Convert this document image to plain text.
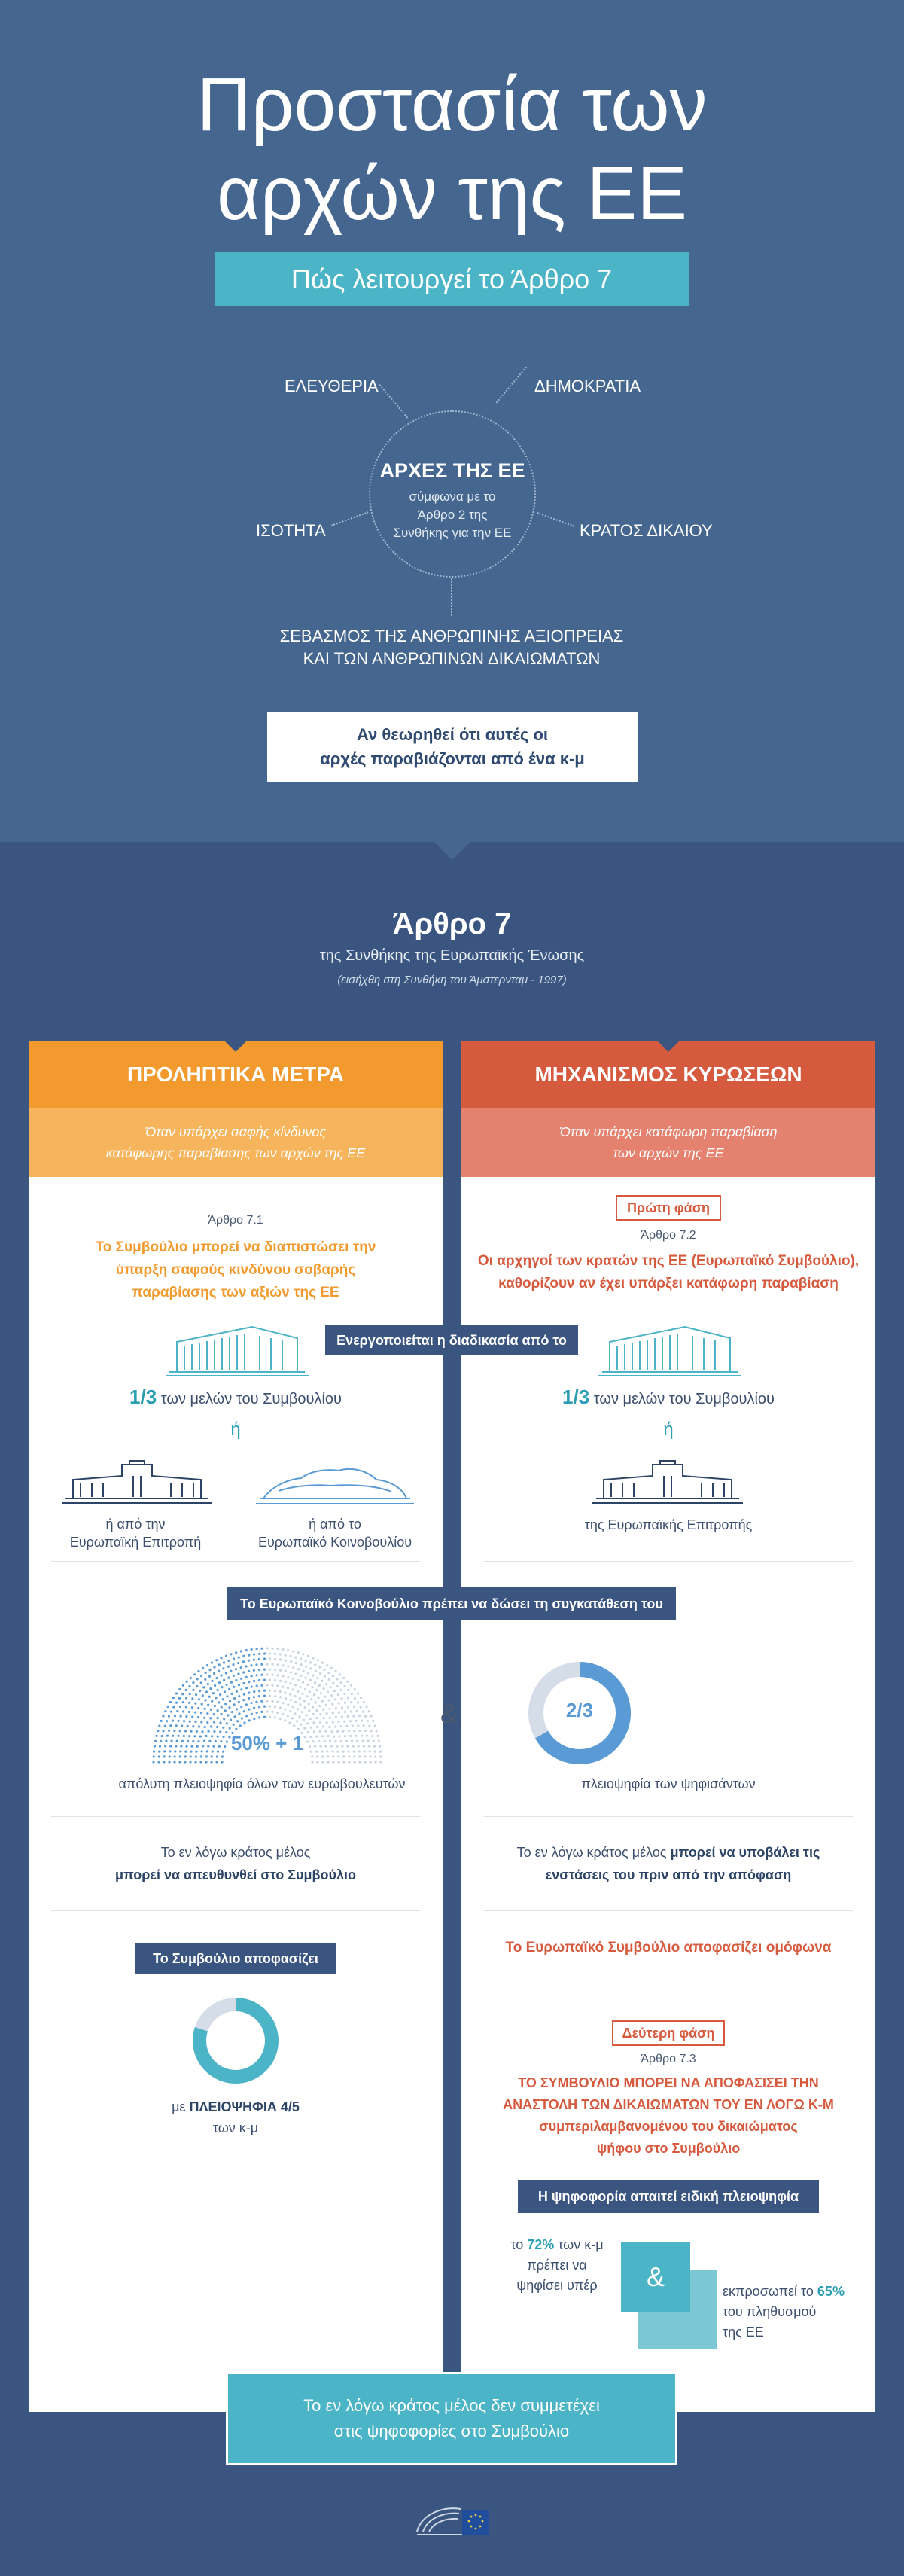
Προστασία των
αρχών της ΕΕ
Πώς λειτουργεί το Άρθρο 7
ΑΡΧΕΣ ΤΗΣ ΕΕ
σύμφωνα με το
Άρθρο 2 της
Συνθήκης για την ΕΕ
ΕΛΕΥΘΕΡΙΑ	ΔΗΜΟΚΡΑΤΙΑ
ΙΣΟΤΗΤΑ	ΚΡΑΤΟΣ ΔΙΚΑΙΟΥ
ΣΕΒΑΣΜΟΣ ΤΗΣ ΑΝΘΡΩΠΙΝΗΣ ΑΞΙΟΠΡΕΙΑΣ
ΚΑΙ ΤΩΝ ΑΝΘΡΩΠΙΝΩΝ ΔΙΚΑΙΩΜΑΤΩΝ
Αν θεωρηθεί ότι αυτές οι
αρχές παραβιάζονται από ένα κ-μ
Άρθρο 7
της Συνθήκης της Ευρωπαϊκής Ένωσης
(εισήχθη στη Συνθήκη του Άμστερνταμ - 1997)
ΠΡΟΛΗΠΤΙΚΑ ΜΕΤΡΑ
Όταν υπάρχει σαφής κίνδυνος
κατάφωρης παραβίασης των αρχών της ΕΕ
ΜΗΧΑΝΙΣΜΟΣ ΚΥΡΩΣΕΩΝ
Όταν υπάρχει κατάφωρη παραβίαση
των αρχών της ΕΕ
Άρθρο 7.1
Το Συμβούλιο μπορεί να διαπιστώσει την
ύπαρξη σαφούς κινδύνου σοβαρής
παραβίασης των αξιών της ΕΕ
Πρώτη φάση
Άρθρο 7.2
Οι αρχηγοί των κρατών της ΕΕ (Ευρωπαϊκό Συμβούλιο),
καθορίζουν αν έχει υπάρξει κατάφωρη παραβίαση
Ενεργοποιείται η διαδικασία από το
1/3 των μελών του Συμβουλίου	1/3 των μελών του Συμβουλίου
ή	ή
ή από την
Ευρωπαϊκή Επιτροπή
ή από το
Ευρωπαϊκό Κοινοβουλίου
της Ευρωπαϊκής Επιτροπής
Το Ευρωπαϊκό Κοινοβούλιο πρέπει να δώσει τη συγκατάθεση του
50% + 1
απόλυτη πλειοψηφία όλων των ευρωβουλευτών
&	2/3
πλειοψηφία των ψηφισάντων
Το εν λόγω κράτος μέλος
μπορεί να απευθυνθεί στο Συμβούλιο
Το εν λόγω κράτος μέλος μπορεί να υποβάλει τις
ενστάσεις του πριν από την απόφαση
Το Συμβούλιο αποφασίζει
με ΠΛΕΙΟΨΗΦΙΑ 4/5
των κ-μ
Το Ευρωπαϊκό Συμβούλιο αποφασίζει ομόφωνα
Δεύτερη φάση
Άρθρο 7.3
ΤΟ ΣΥΜΒΟΥΛΙΟ ΜΠΟΡΕΙ ΝΑ ΑΠΟΦΑΣΙΣΕΙ ΤΗΝ
ΑΝΑΣΤΟΛΗ ΤΩΝ ΔΙΚΑΙΩΜΑΤΩΝ ΤΟΥ ΕΝ ΛΟΓΩ Κ-Μ
συμπεριλαμβανομένου του δικαιώματος
ψήφου στο Συμβούλιο
Η ψηφοφορία απαιτεί ειδική πλειοψηφία
το 72% των κ-μ
πρέπει να
ψηφίσει υπέρ	&	εκπροσωπεί το 65%
του πληθυσμού
της ΕΕ
Το εν λόγω κράτος μέλος δεν συμμετέχει
στις ψηφοφορίες στο Συμβούλιο
